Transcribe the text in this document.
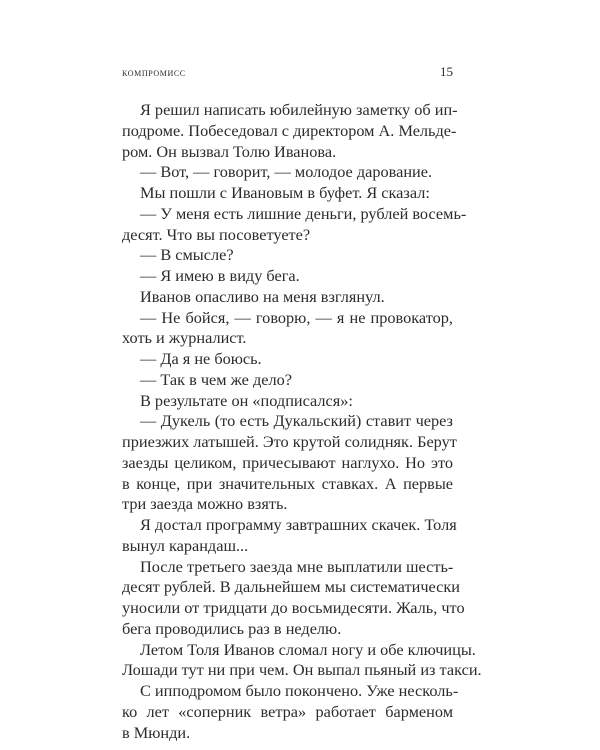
компромисс	15
Я решил написать юбилейную заметку об ип-
подроме. Побеседовал с директором А. Мельде-
ром. Он вызвал Толю Иванова.
— Вот, — говорит, — молодое дарование.
Мы пошли с Ивановым в буфет. Я сказал:
— У меня есть лишние деньги, рублей восемь-
десят. Что вы посоветуете?
— В смысле?
— Я имею в виду бега.
Иванов опасливо на меня взглянул.
— Не бойся, — говорю, — я не провокатор,
хоть и журналист.
— Да я не боюсь.
— Так в чем же дело?
В результате он «подписался»:
— Дукель (то есть Дукальский) ставит через
приезжих латышей. Это крутой солидняк. Берут
заезды целиком, причесывают наглухо. Но это
в конце, при значительных ставках. А первые
три заезда можно взять.
Я достал программу завтрашних скачек. Толя
вынул карандаш...
После третьего заезда мне выплатили шесть-
десят рублей. В дальнейшем мы систематически
уносили от тридцати до восьмидесяти. Жаль, что
бега проводились раз в неделю.
Летом Толя Иванов сломал ногу и обе ключицы.
Лошади тут ни при чем. Он выпал пьяный из такси.
С ипподромом было покончено. Уже несколь-
ко лет «соперник ветра» работает барменом
в Мюнди.
